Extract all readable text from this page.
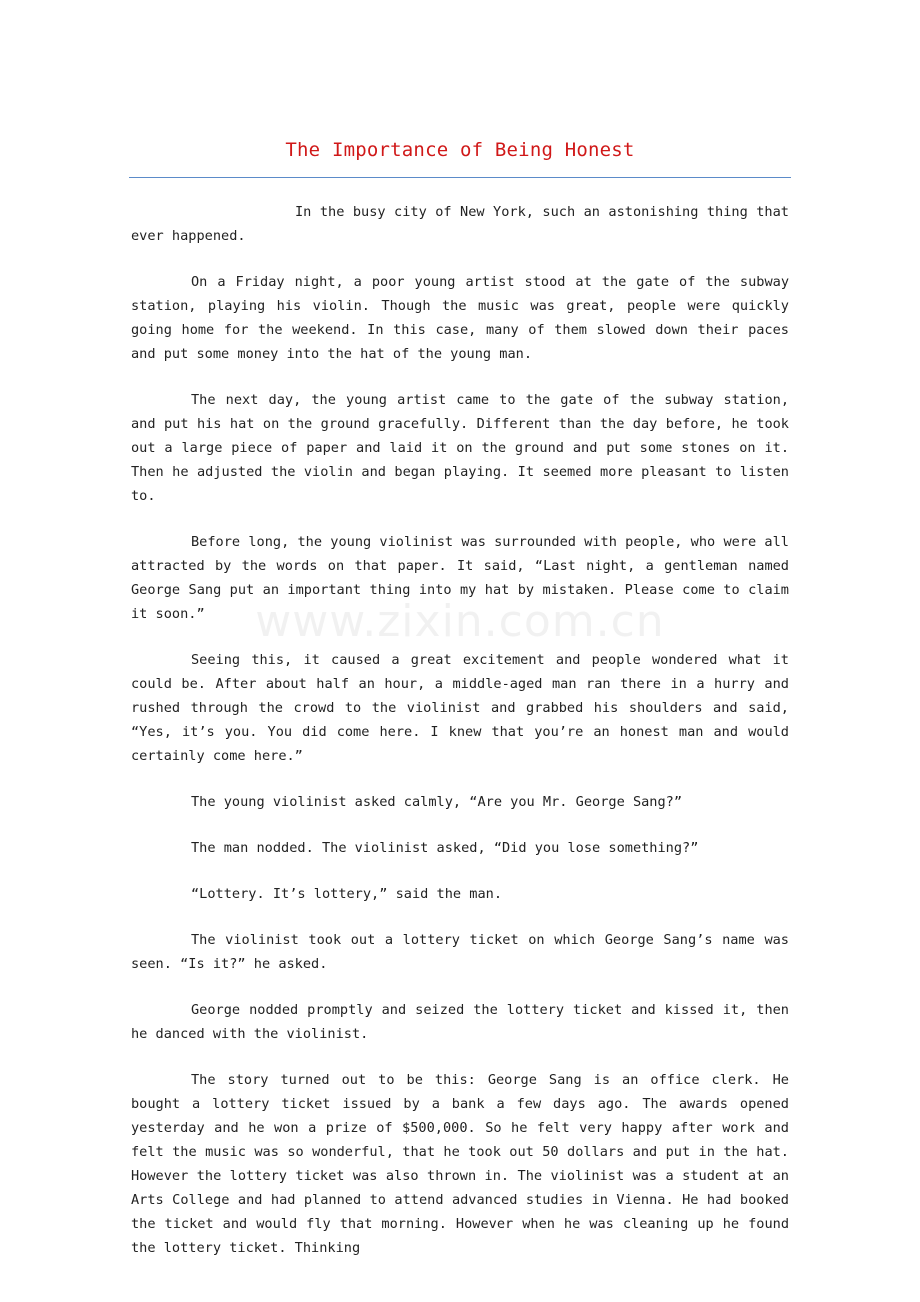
The Importance of Being Honest
www.zixin.com.cn

In the busy city of New York, such an astonishing thing that ever happened.

On a Friday night, a poor young artist stood at the gate of the subway station, playing his violin. Though the music was great, people were quickly going home for the weekend. In this case, many of them slowed down their paces and put some money into the hat of the young man.

The next day, the young artist came to the gate of the subway station, and put his hat on the ground gracefully. Different than the day before, he took out a large piece of paper and laid it on the ground and put some stones on it. Then he adjusted the violin and began playing. It seemed more pleasant to listen to.

Before long, the young violinist was surrounded with people, who were all attracted by the words on that paper. It said, “Last night, a gentleman named George Sang put an important thing into my hat by mistaken. Please come to claim it soon.”

Seeing this, it caused a great excitement and people wondered what it could be. After about half an hour, a middle-aged man ran there in a hurry and rushed through the crowd to the violinist and grabbed his shoulders and said, “Yes, it’s you. You did come here. I knew that you’re an honest man and would certainly come here.”

The young violinist asked calmly, “Are you Mr. George Sang?”

The man nodded. The violinist asked, “Did you lose something?”

“Lottery. It’s lottery,” said the man.

The violinist took out a lottery ticket on which George Sang’s name was seen. “Is it?” he asked.

George nodded promptly and seized the lottery ticket and kissed it, then he danced with the violinist.

The story turned out to be this: George Sang is an office clerk. He bought a lottery ticket issued by a bank a few days ago. The awards opened yesterday and he won a prize of $500,000. So he felt very happy after work and felt the music was so wonderful, that he took out 50 dollars and put in the hat. However the lottery ticket was also thrown in. The violinist was a student at an Arts College and had planned to attend advanced studies in Vienna. He had booked the ticket and would fly that morning. However when he was cleaning up he found the lottery ticket. Thinking
